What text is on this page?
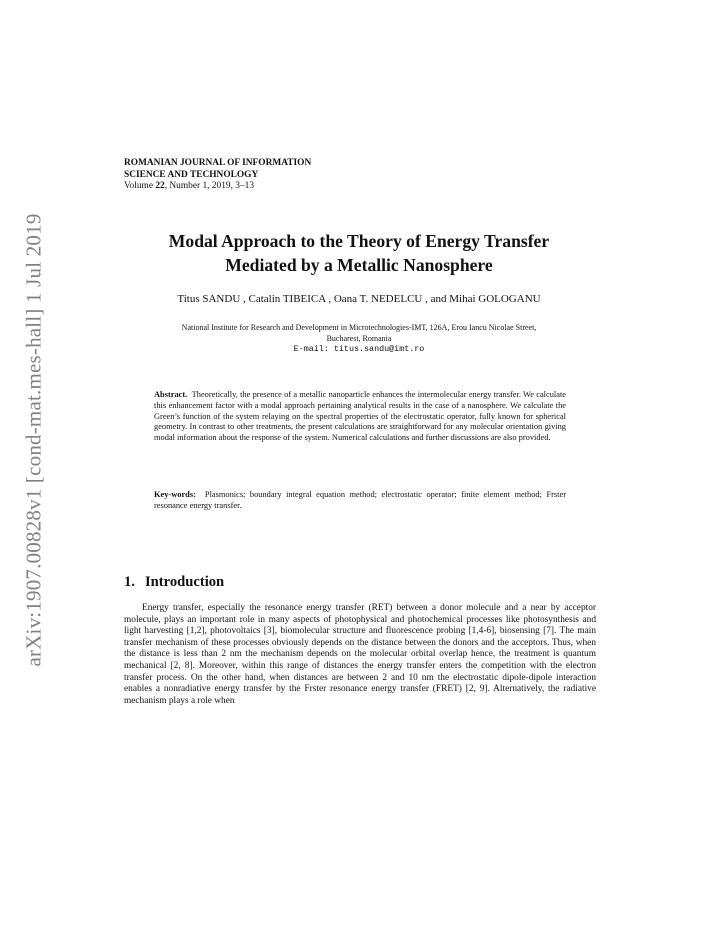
arXiv:1907.00828v1 [cond-mat.mes-hall] 1 Jul 2019
ROMANIAN JOURNAL OF INFORMATION
SCIENCE AND TECHNOLOGY
Volume 22, Number 1, 2019, 3–13
Modal Approach to the Theory of Energy Transfer
Mediated by a Metallic Nanosphere
Titus SANDU , Catalin TIBEICA , Oana T. NEDELCU , and Mihai GOLOGANU
National Institute for Research and Development in Microtechnologies-IMT, 126A, Erou Iancu Nicolae Street,
Bucharest, Romania
E-mail: titus.sandu@imt.ro
Abstract. Theoretically, the presence of a metallic nanoparticle enhances the intermolecular energy transfer. We calculate this enhancement factor with a modal approach pertaining analytical results in the case of a nanosphere. We calculate the Green’s function of the system relaying on the spectral properties of the electrostatic operator, fully known for spherical geometry. In contrast to other treatments, the present calculations are straightforward for any molecular orientation giving modal information about the response of the system. Numerical calculations and further discussions are also provided.
Key-words: Plasmonics; boundary integral equation method; electrostatic operator; finite element method; Frster resonance energy transfer.
1. Introduction
Energy transfer, especially the resonance energy transfer (RET) between a donor molecule and a near by acceptor molecule, plays an important role in many aspects of photophysical and photochemical processes like photosynthesis and light harvesting [1,2], photovoltaics [3], biomolecular structure and fluorescence probing [1,4-6], biosensing [7]. The main transfer mechanism of these processes obviously depends on the distance between the donors and the acceptors. Thus, when the distance is less than 2 nm the mechanism depends on the molecular orbital overlap hence, the treatment is quantum mechanical [2, 8]. Moreover, within this range of distances the energy transfer enters the competition with the electron transfer process. On the other hand, when distances are between 2 and 10 nm the electrostatic dipole-dipole interaction enables a nonradiative energy transfer by the Frster resonance energy transfer (FRET) [2, 9]. Alternatively, the radiative mechanism plays a role when
